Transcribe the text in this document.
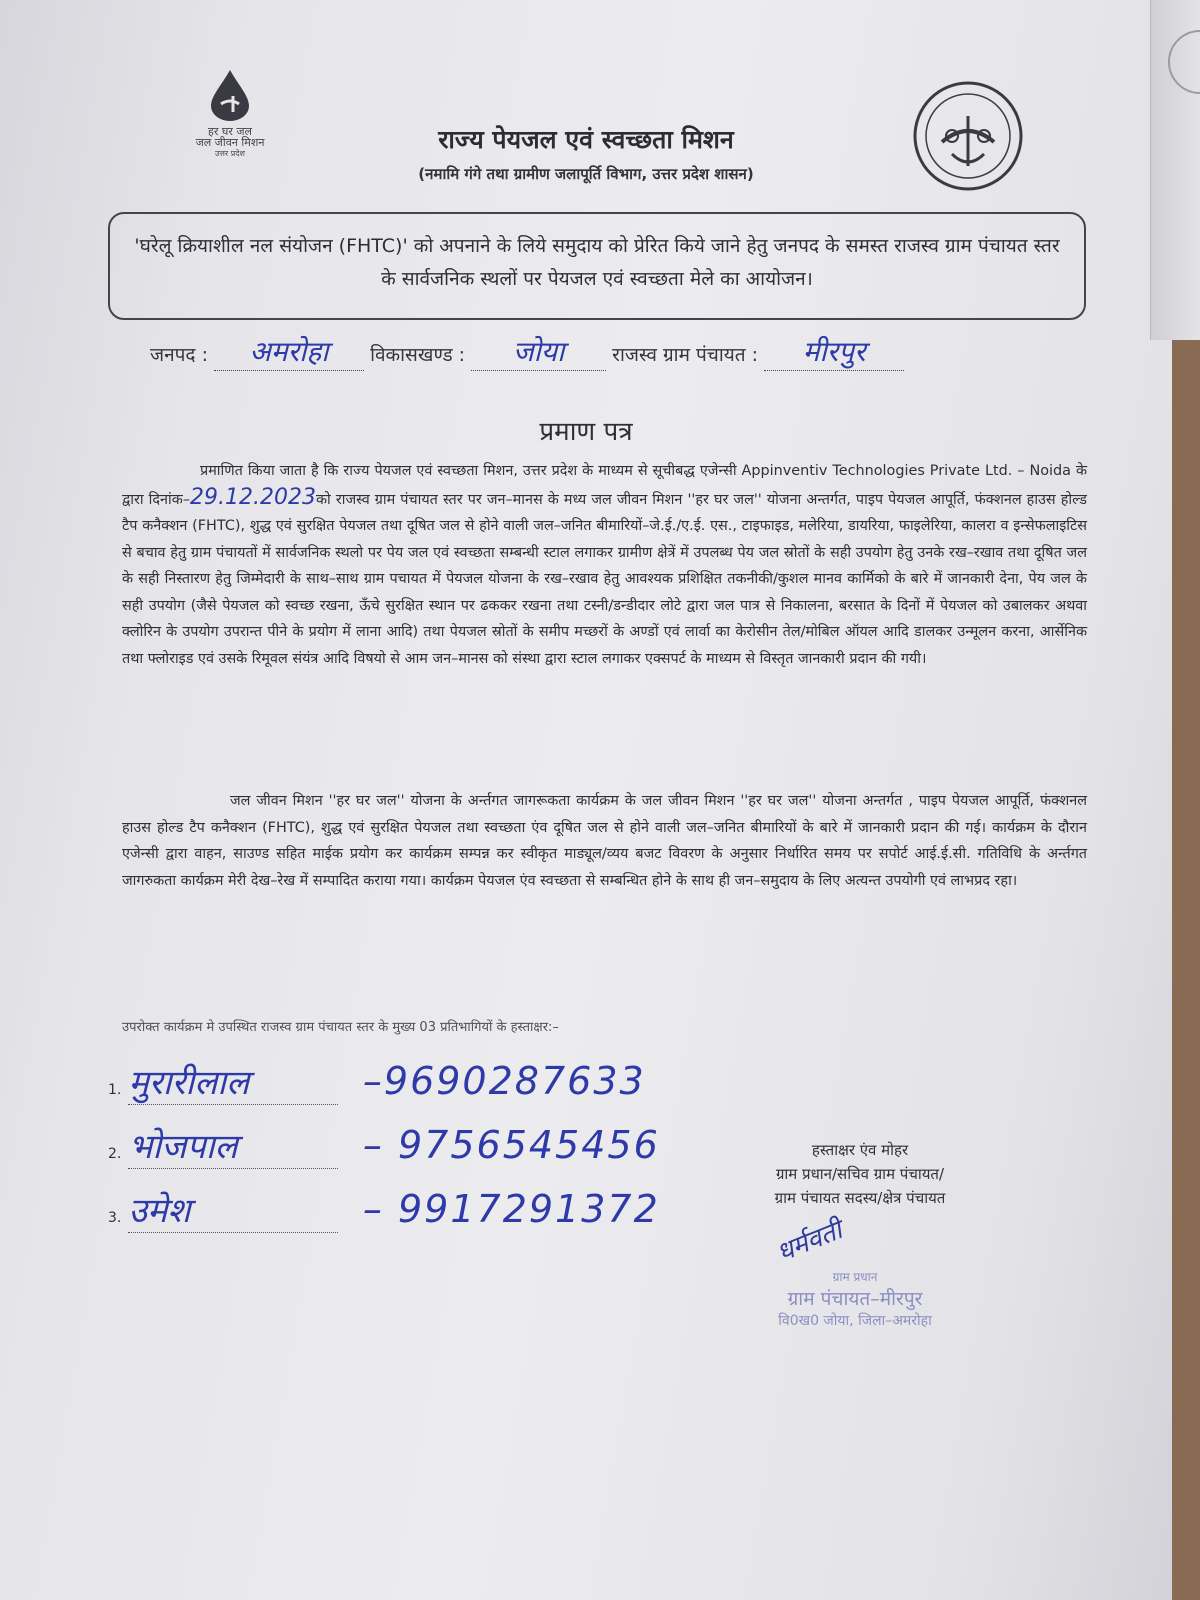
हर घर जल
जल जीवन मिशन
उत्तर प्रदेश	राज्य पेयजल एवं स्वच्छता मिशन
(नमामि गंगे तथा ग्रामीण जलापूर्ति विभाग, उत्तर प्रदेश शासन)
'घरेलू क्रियाशील नल संयोजन (FHTC)' को अपनाने के लिये समुदाय को प्रेरित किये जाने हेतु जनपद के समस्त राजस्व ग्राम पंचायत स्तर के सार्वजनिक स्थलों पर पेयजल एवं स्वच्छता मेले का आयोजन।
जनपद : अमरोहा विकासखण्ड : जोया	राजस्व ग्राम पंचायत : मीरपुर
प्रमाण पत्र
प्रमाणित किया जाता है कि राज्य पेयजल एवं स्वच्छता मिशन, उत्तर प्रदेश के माध्यम से सूचीबद्ध एजेन्सी Appinventiv Technologies Private Ltd. – Noida के द्वारा दिनांक–29.12.2023को राजस्व ग्राम पंचायत स्तर पर जन–मानस के मध्य जल जीवन मिशन ''हर घर जल'' योजना अन्तर्गत, पाइप पेयजल आपूर्ति, फंक्शनल हाउस होल्ड टैप कनैक्शन (FHTC), शुद्ध एवं सुरक्षित पेयजल तथा दूषित जल से होने वाली जल–जनित बीमारियों–जे.ई./ए.ई. एस., टाइफाइड, मलेरिया, डायरिया, फाइलेरिया, कालरा व इन्सेफलाइटिस से बचाव हेतु ग्राम पंचायतों में सार्वजनिक स्थलो पर पेय जल एवं स्वच्छता सम्बन्धी स्टाल लगाकर ग्रामीण क्षेत्रें में उपलब्ध पेय जल स्रोतों के सही उपयोग हेतु उनके रख–रखाव तथा दूषित जल के सही निस्तारण हेतु जिम्मेदारी के साथ–साथ ग्राम पचायत में पेयजल योजना के रख–रखाव हेतु आवश्यक प्रशिक्षित तकनीकी/कुशल मानव कार्मिको के बारे में जानकारी देना, पेय जल के सही उपयोग (जैसे पेयजल को स्वच्छ रखना, ऊँचे सुरक्षित स्थान पर ढककर रखना तथा टस्नी/डन्डीदार लोटे द्वारा जल पात्र से निकालना, बरसात के दिनों में पेयजल को उबालकर अथवा क्लोरिन के उपयोग उपरान्त पीने के प्रयोग में लाना आदि) तथा पेयजल स्रोतों के समीप मच्छरों के अण्डों एवं लार्वा का केरोसीन तेल/मोबिल ऑयल आदि डालकर उन्मूलन करना, आर्सेनिक तथा फ्लोराइड एवं उसके रिमूवल संयंत्र आदि विषयो से आम जन–मानस को संस्था द्वारा स्टाल लगाकर एक्सपर्ट के माध्यम से विस्तृत जानकारी प्रदान की गयी।
जल जीवन मिशन ''हर घर जल'' योजना के अर्न्तगत जागरूकता कार्यक्रम के जल जीवन मिशन ''हर घर जल'' योजना अन्तर्गत , पाइप पेयजल आपूर्ति, फंक्शनल हाउस होल्ड टैप कनैक्शन (FHTC), शुद्ध एवं सुरक्षित पेयजल तथा स्वच्छता एंव दूषित जल से होने वाली जल–जनित बीमारियों के बारे में जानकारी प्रदान की गई। कार्यक्रम के दौरान एजेन्सी द्वारा वाहन, साउण्ड सहित माईक प्रयोग कर कार्यक्रम सम्पन्न कर स्वीकृत माड्यूल/व्यय बजट विवरण के अनुसार निर्धारित समय पर सपोर्ट आई.ई.सी. गतिविधि के अर्न्तगत जागरुकता कार्यक्रम मेरी देख–रेख में सम्पादित कराया गया। कार्यक्रम पेयजल एंव स्वच्छता से सम्बन्धित होने के साथ ही जन–समुदाय के लिए अत्यन्त उपयोगी एवं लाभप्रद रहा।
उपरोक्त कार्यक्रम मे उपस्थित राजस्व ग्राम पंचायत स्तर के मुख्य 03 प्रतिभागियों के हस्ताक्षर:–
1. मुरारीलाल	–9690287633
2. भोजपाल	– 9756545456
3. उमेश	– 9917291372
हस्ताक्षर एंव मोहर
ग्राम प्रधान/सचिव ग्राम पंचायत/
ग्राम पंचायत सदस्य/क्षेत्र पंचायत
धर्मवती
ग्राम प्रधान
ग्राम पंचायत–मीरपुर
वि0ख0 जोया, जिला–अमरोहा
